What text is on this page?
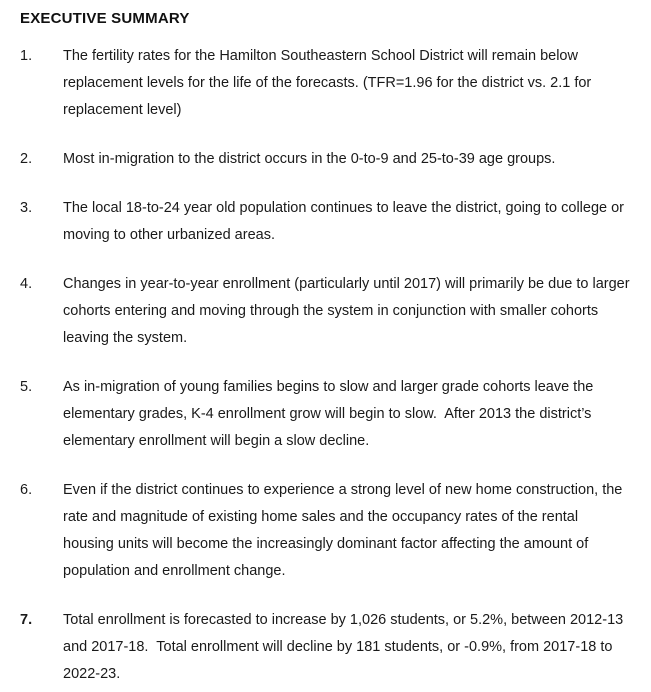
EXECUTIVE SUMMARY
1.	The fertility rates for the Hamilton Southeastern School District will remain below replacement levels for the life of the forecasts. (TFR=1.96 for the district vs. 2.1 for replacement level)
2.	Most in-migration to the district occurs in the 0-to-9 and 25-to-39 age groups.
3.	The local 18-to-24 year old population continues to leave the district, going to college or moving to other urbanized areas.
4.	Changes in year-to-year enrollment (particularly until 2017) will primarily be due to larger cohorts entering and moving through the system in conjunction with smaller cohorts leaving the system.
5.	As in-migration of young families begins to slow and larger grade cohorts leave the elementary grades, K-4 enrollment grow will begin to slow.  After 2013 the district’s elementary enrollment will begin a slow decline.
6.	Even if the district continues to experience a strong level of new home construction, the rate and magnitude of existing home sales and the occupancy rates of the rental housing units will become the increasingly dominant factor affecting the amount of population and enrollment change.
7.	Total enrollment is forecasted to increase by 1,026 students, or 5.2%, between 2012-13 and 2017-18.  Total enrollment will decline by 181 students, or -0.9%, from 2017-18 to 2022-23.
